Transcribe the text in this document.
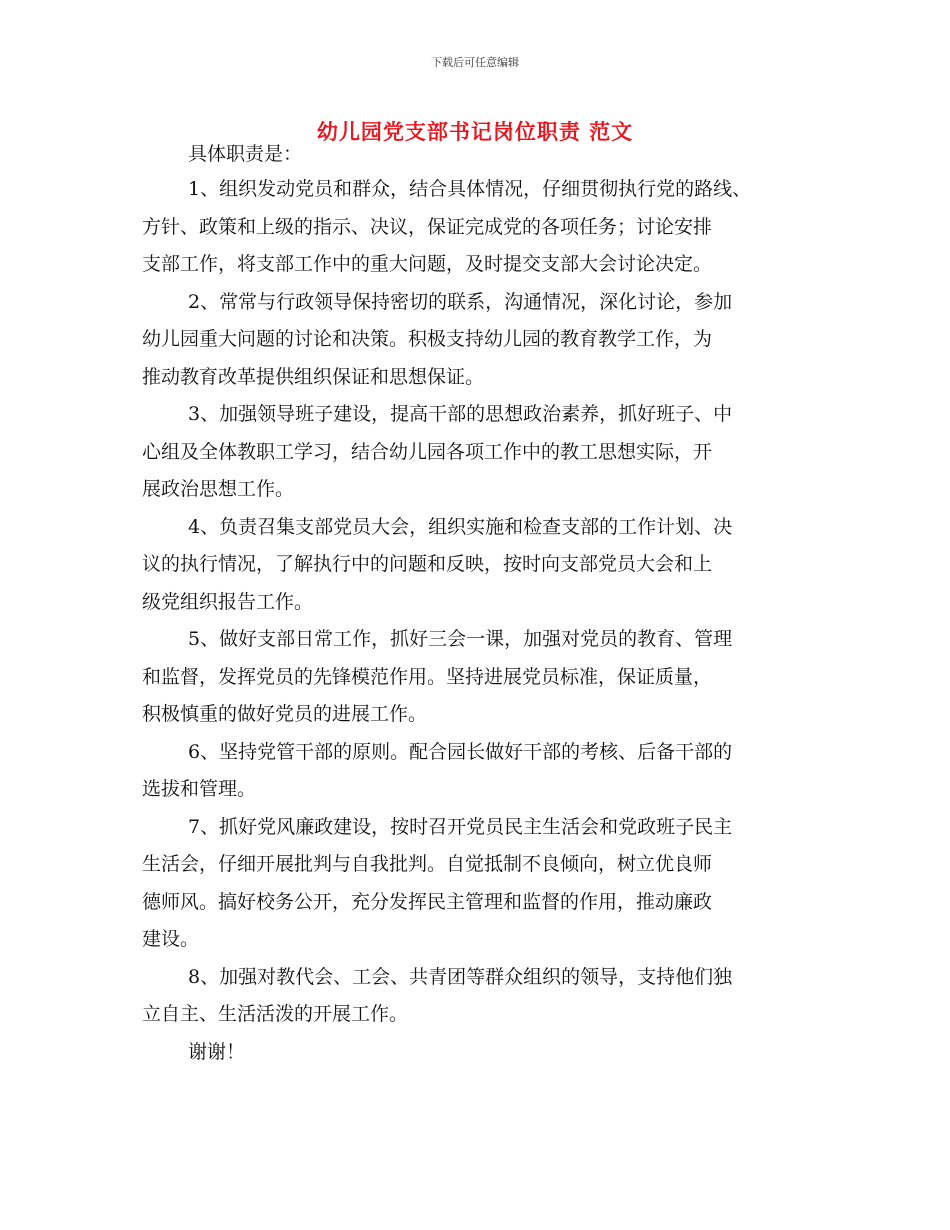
下载后可任意编辑
幼儿园党支部书记岗位职责 范文

具体职责是：

1、组织发动党员和群众，结合具体情况，仔细贯彻执行党的路线、
方针、政策和上级的指示、决议，保证完成党的各项任务；讨论安排
支部工作，将支部工作中的重大问题，及时提交支部大会讨论决定。
2、常常与行政领导保持密切的联系，沟通情况，深化讨论，参加
幼儿园重大问题的讨论和决策。积极支持幼儿园的教育教学工作，为
推动教育改革提供组织保证和思想保证。
3、加强领导班子建设，提高干部的思想政治素养，抓好班子、中
心组及全体教职工学习，结合幼儿园各项工作中的教工思想实际，开
展政治思想工作。
4、负责召集支部党员大会，组织实施和检查支部的工作计划、决
议的执行情况，了解执行中的问题和反映，按时向支部党员大会和上
级党组织报告工作。
5、做好支部日常工作，抓好三会一课，加强对党员的教育、管理
和监督，发挥党员的先锋模范作用。坚持进展党员标准，保证质量，
积极慎重的做好党员的进展工作。
6、坚持党管干部的原则。配合园长做好干部的考核、后备干部的
选拔和管理。
7、抓好党风廉政建设，按时召开党员民主生活会和党政班子民主
生活会，仔细开展批判与自我批判。自觉抵制不良倾向，树立优良师
德师风。搞好校务公开，充分发挥民主管理和监督的作用，推动廉政
建设。
8、加强对教代会、工会、共青团等群众组织的领导，支持他们独
立自主、生活活泼的开展工作。
谢谢！
